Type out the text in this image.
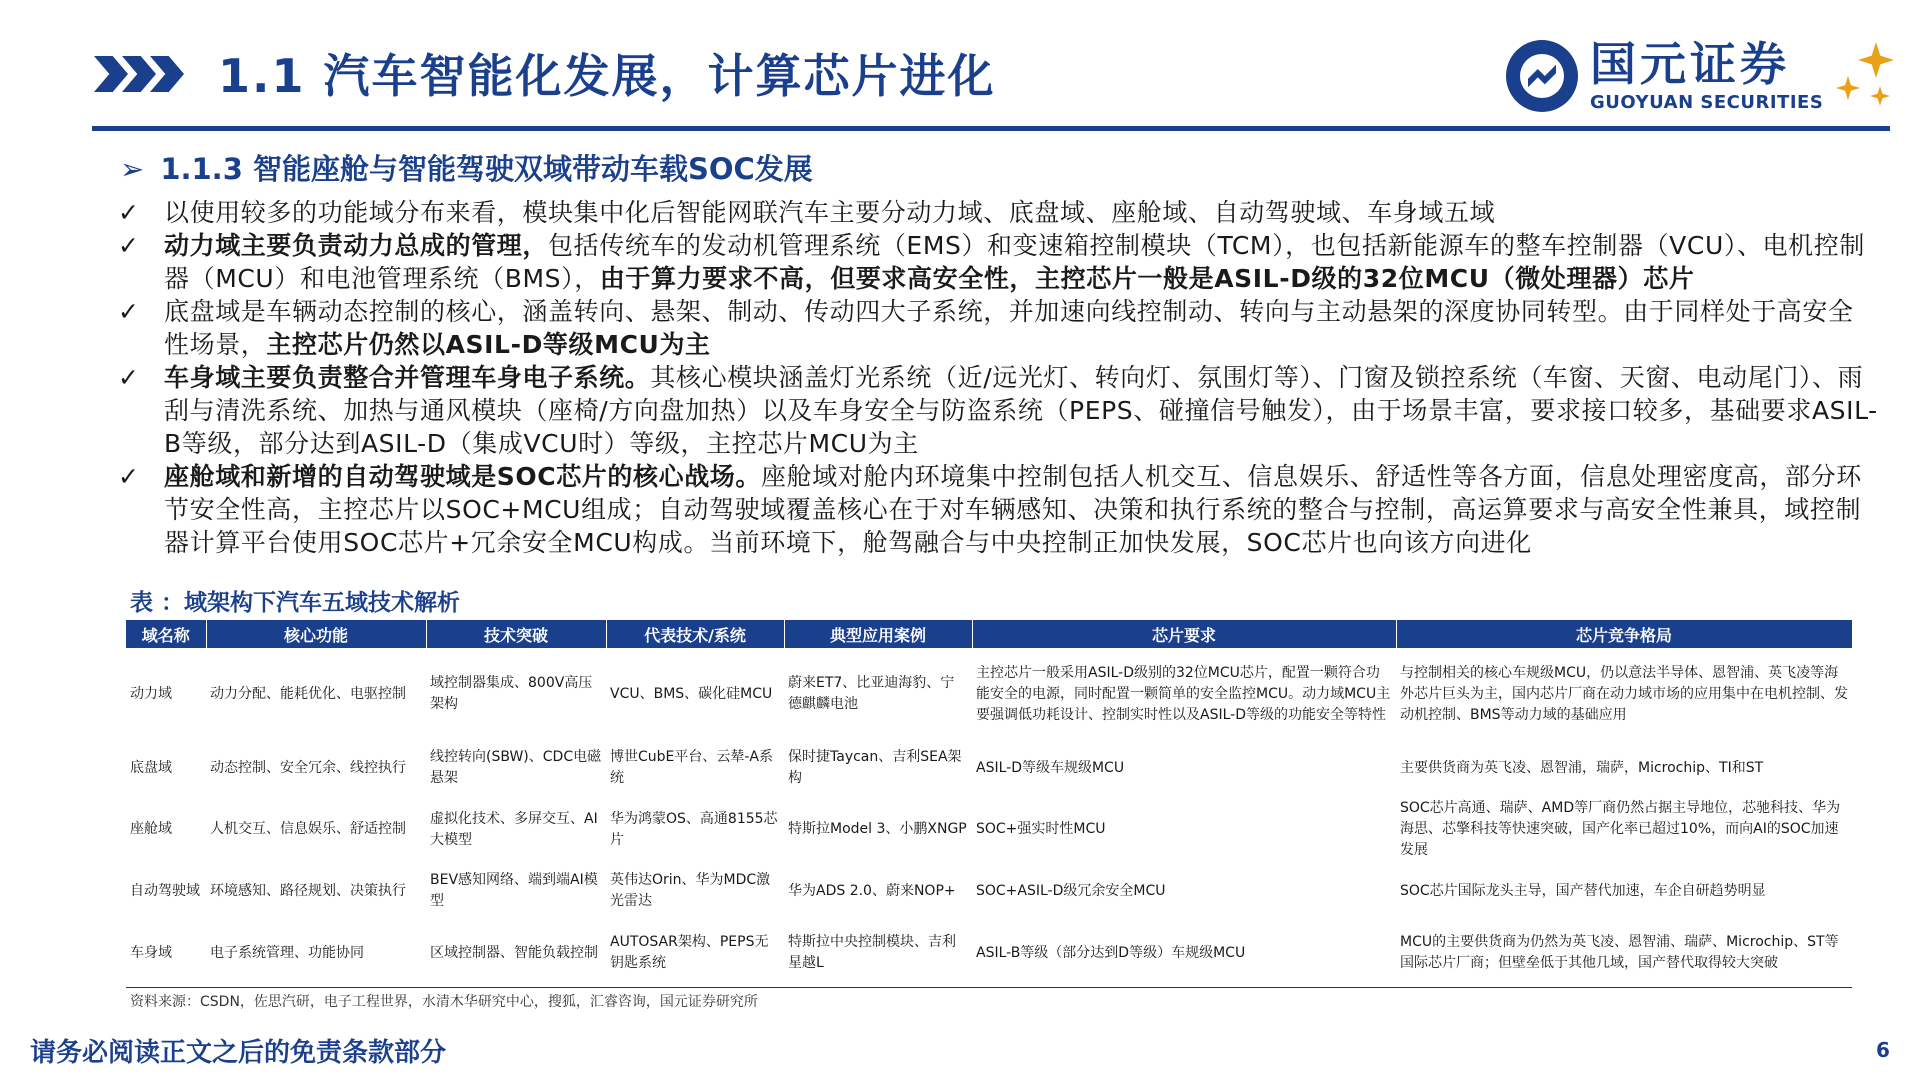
1.1 汽车智能化发展，计算芯片进化	国元证券
GUOYUAN SECURITIES
➢ 1.1.3 智能座舱与智能驾驶双域带动车载SOC发展

✓	以使用较多的功能域分布来看，模块集中化后智能网联汽车主要分动力域、底盘域、座舱域、自动驾驶域、车身域五域

✓	动力域主要负责动力总成的管理，包括传统车的发动机管理系统（EMS）和变速箱控制模块（TCM），也包括新能源车的整车控制器（VCU）、电机控制器（MCU）和电池管理系统（BMS），由于算力要求不高，但要求高安全性，主控芯片一般是ASIL-D级的32位MCU（微处理器）芯片

✓	底盘域是车辆动态控制的核心，涵盖转向、悬架、制动、传动四大子系统，并加速向线控制动、转向与主动悬架的深度协同转型。由于同样处于高安全性场景，主控芯片仍然以ASIL-D等级MCU为主

✓	车身域主要负责整合并管理车身电子系统。其核心模块涵盖灯光系统（近/远光灯、转向灯、氛围灯等）、门窗及锁控系统（车窗、天窗、电动尾门）、雨刮与清洗系统、加热与通风模块（座椅/方向盘加热）以及车身安全与防盗系统（PEPS、碰撞信号触发），由于场景丰富，要求接口较多，基础要求ASIL-B等级，部分达到ASIL-D（集成VCU时）等级，主控芯片MCU为主

✓	座舱域和新增的自动驾驶域是SOC芯片的核心战场。座舱域对舱内环境集中控制包括人机交互、信息娱乐、舒适性等各方面，信息处理密度高，部分环节安全性高，主控芯片以SOC+MCU组成；自动驾驶域覆盖核心在于对车辆感知、决策和执行系统的整合与控制，高运算要求与高安全性兼具，域控制器计算平台使用SOC芯片+冗余安全MCU构成。当前环境下，舱驾融合与中央控制正加快发展，SOC芯片也向该方向进化

表 ：域架构下汽车五域技术解析

域名称	核心功能	技术突破	代表技术/系统	典型应用案例	芯片要求	芯片竞争格局
动力域	动力分配、能耗优化、电驱控制	域控制器集成、800V高压架构	VCU、BMS、碳化硅MCU	蔚来ET7、比亚迪海豹、宁德麒麟电池	主控芯片一般采用ASIL-D级别的32位MCU芯片，配置一颗符合功能安全的电源，同时配置一颗简单的安全监控MCU。动力域MCU主要强调低功耗设计、控制实时性以及ASIL-D等级的功能安全等特性	与控制相关的核心车规级MCU，仍以意法半导体、恩智浦、英飞凌等海外芯片巨头为主，国内芯片厂商在动力域市场的应用集中在电机控制、发动机控制、BMS等动力域的基础应用
底盘域	动态控制、安全冗余、线控执行	线控转向(SBW)、CDC电磁悬架	博世CubE平台、云辇-A系统	保时捷Taycan、吉利SEA架构	ASIL-D等级车规级MCU	主要供货商为英飞凌、恩智浦，瑞萨，Microchip、TI和ST
座舱域	人机交互、信息娱乐、舒适控制	虚拟化技术、多屏交互、AI大模型	华为鸿蒙OS、高通8155芯片	特斯拉Model 3、小鹏XNGP	SOC+强实时性MCU	SOC芯片高通、瑞萨、AMD等厂商仍然占据主导地位，芯驰科技、华为海思、芯擎科技等快速突破，国产化率已超过10%，而向AI的SOC加速发展
自动驾驶域	环境感知、路径规划、决策执行	BEV感知网络、端到端AI模型	英伟达Orin、华为MDC激光雷达	华为ADS 2.0、蔚来NOP+	SOC+ASIL-D级冗余安全MCU	SOC芯片国际龙头主导，国产替代加速，车企自研趋势明显
车身域	电子系统管理、功能协同	区域控制器、智能负载控制	AUTOSAR架构、PEPS无钥匙系统	特斯拉中央控制模块、吉利星越L	ASIL-B等级（部分达到D等级）车规级MCU	MCU的主要供货商为仍然为英飞凌、恩智浦、瑞萨、Microchip、ST等国际芯片厂商；但壁垒低于其他几域，国产替代取得较大突破

资料来源：CSDN，佐思汽研，电子工程世界，水清木华研究中心，搜狐，汇睿咨询，国元证券研究所

请务必阅读正文之后的免责条款部分	6
